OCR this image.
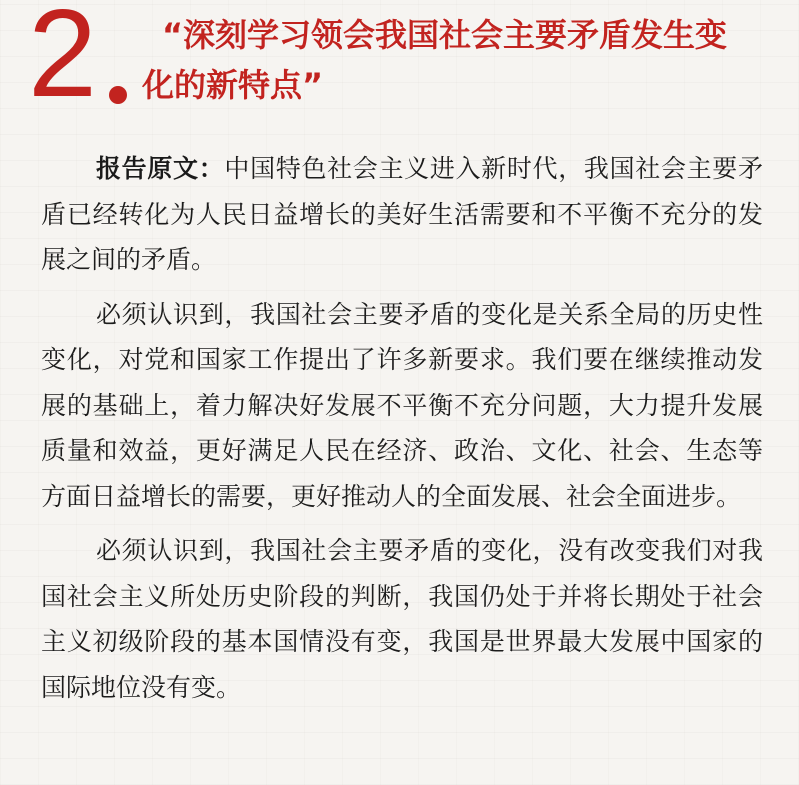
2	“深刻学习领会我国社会主要矛盾发生变
化的新特点”

报告原文：中国特色社会主义进入新时代，我国社会主要矛盾已经转化为人民日益增长的美好生活需要和不平衡不充分的发展之间的矛盾。

必须认识到，我国社会主要矛盾的变化是关系全局的历史性变化，对党和国家工作提出了许多新要求。我们要在继续推动发展的基础上，着力解决好发展不平衡不充分问题，大力提升发展质量和效益，更好满足人民在经济、政治、文化、社会、生态等方面日益增长的需要，更好推动人的全面发展、社会全面进步。

必须认识到，我国社会主要矛盾的变化，没有改变我们对我国社会主义所处历史阶段的判断，我国仍处于并将长期处于社会主义初级阶段的基本国情没有变，我国是世界最大发展中国家的国际地位没有变。
